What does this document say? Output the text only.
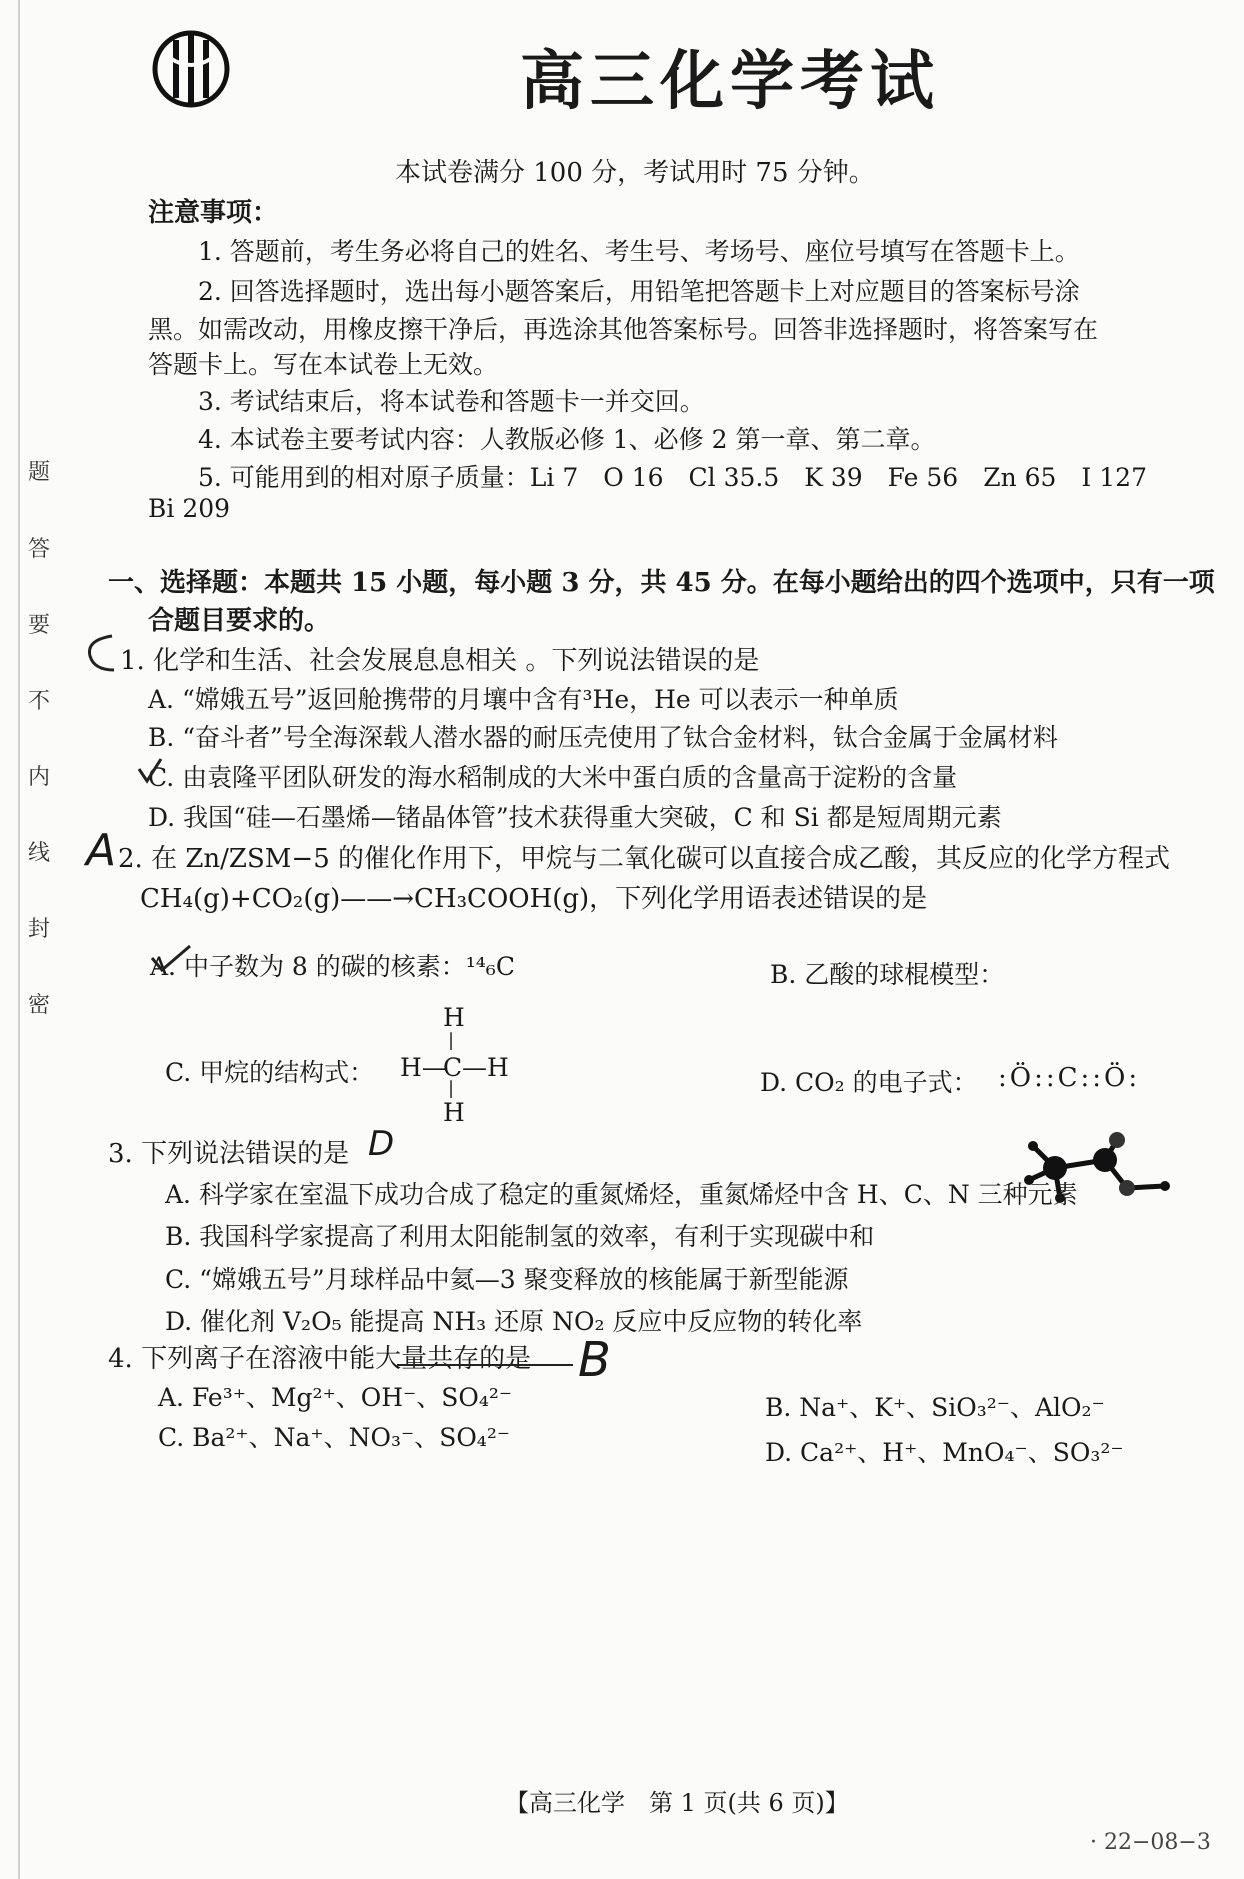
题
答
要
不
内
线
封
密
高三化学考试
本试卷满分 100 分，考试用时 75 分钟。
注意事项：
1. 答题前，考生务必将自己的姓名、考生号、考场号、座位号填写在答题卡上。
2. 回答选择题时，选出每小题答案后，用铅笔把答题卡上对应题目的答案标号涂
黑。如需改动，用橡皮擦干净后，再选涂其他答案标号。回答非选择题时，将答案写在
答题卡上。写在本试卷上无效。
3. 考试结束后，将本试卷和答题卡一并交回。
4. 本试卷主要考试内容：人教版必修 1、必修 2 第一章、第二章。
5. 可能用到的相对原子质量：Li 7　O 16　Cl 35.5　K 39　Fe 56　Zn 65　I 127
Bi 209
一、选择题：本题共 15 小题，每小题 3 分，共 45 分。在每小题给出的四个选项中，只有一项
合题目要求的。
1. 化学和生活、社会发展息息相关 。下列说法错误的是
A. “嫦娥五号”返回舱携带的月壤中含有³He，He 可以表示一种单质
B. “奋斗者”号全海深载人潜水器的耐压壳使用了钛合金材料，钛合金属于金属材料
C. 由袁隆平团队研发的海水稻制成的大米中蛋白质的含量高于淀粉的含量
D. 我国“硅—石墨烯—锗晶体管”技术获得重大突破，C 和 Si 都是短周期元素
2. 在 Zn/ZSM−5 的催化作用下，甲烷与二氧化碳可以直接合成乙酸，其反应的化学方程式
CH₄(g)+CO₂(g)——→CH₃COOH(g)，下列化学用语表述错误的是
A. 中子数为 8 的碳的核素：¹⁴₆C	B. 乙酸的球棍模型：
C. 甲烷的结构式：
H
|
H—
C —H
|
H
D. CO₂ 的电子式： :Ö::C::Ö:
3. 下列说法错误的是
A. 科学家在室温下成功合成了稳定的重氮烯烃，重氮烯烃中含 H、C、N 三种元素
B. 我国科学家提高了利用太阳能制氢的效率，有利于实现碳中和
C. “嫦娥五号”月球样品中氦—3 聚变释放的核能属于新型能源
D. 催化剂 V₂O₅ 能提高 NH₃ 还原 NO₂ 反应中反应物的转化率
4. 下列离子在溶液中能大量共存的是
A. Fe³⁺、Mg²⁺、OH⁻、SO₄²⁻	B. Na⁺、K⁺、SiO₃²⁻、AlO₂⁻
C. Ba²⁺、Na⁺、NO₃⁻、SO₄²⁻
D. Ca²⁺、H⁺、MnO₄⁻、SO₃²⁻
A
D
B
【高三化学　第 1 页(共 6 页)】
· 22−08−3
